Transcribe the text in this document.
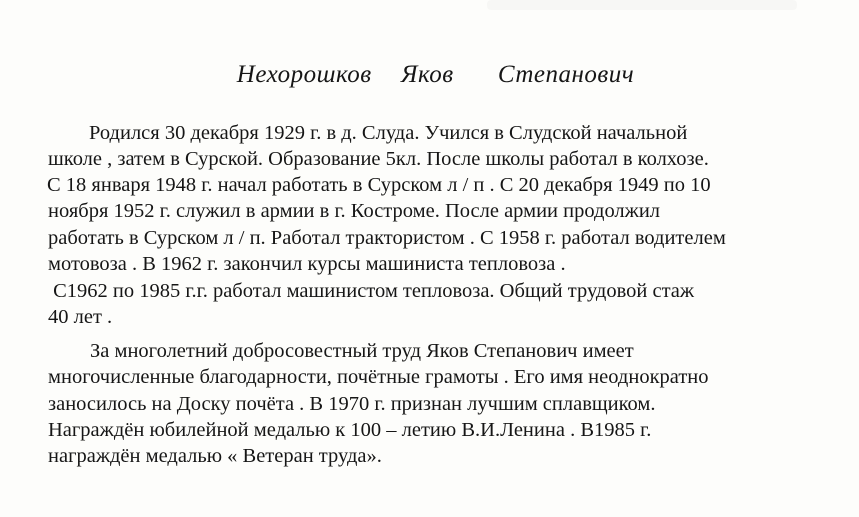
Нехорошков  Яков   Степанович
Родился 30 декабря 1929 г. в д. Слуда. Учился в Слудской начальной
школе , затем в Сурской. Образование 5кл. После школы работал в колхозе.
С 18 января 1948 г. начал работать в Сурском л / п . С 20 декабря 1949 по 10
ноября 1952 г. служил в армии в г. Костроме. После армии продолжил
работать в Сурском л / п. Работал трактористом . С 1958 г. работал водителем
мотовоза . В 1962 г. закончил курсы машиниста тепловоза .
С1962 по 1985 г.г. работал машинистом тепловоза. Общий трудовой стаж
40 лет .
За многолетний добросовестный труд Яков Степанович имеет
многочисленные благодарности, почётные грамоты . Его имя неоднократно
заносилось на Доску почёта . В 1970 г. признан лучшим сплавщиком.
Награждён юбилейной медалью к 100 – летию В.И.Ленина . В1985 г.
награждён медалью « Ветеран труда».
